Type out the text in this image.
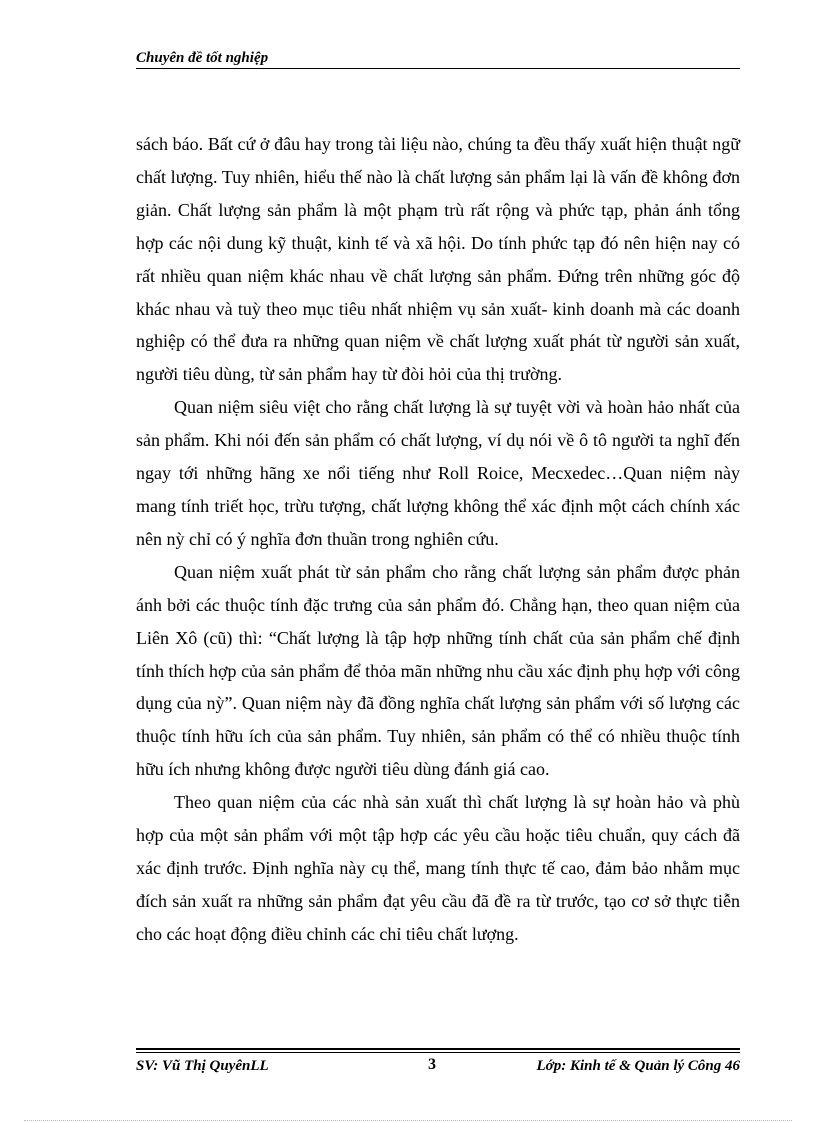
Chuyên đề tốt nghiệp

sách báo. Bất cứ ở đâu hay trong tài liệu nào, chúng ta đều thấy xuất hiện thuật ngữ chất lượng. Tuy nhiên, hiểu thế nào là chất lượng sản phẩm lại là vấn đề không đơn giản. Chất lượng sản phẩm là một phạm trù rất rộng và phức tạp, phản ánh tổng hợp các nội dung kỹ thuật, kinh tế và xã hội. Do tính phức tạp đó nên hiện nay có rất nhiều quan niệm khác nhau về chất lượng sản phẩm. Đứng trên những góc độ khác nhau và tuỳ theo mục tiêu nhất nhiệm vụ sản xuất- kinh doanh mà các doanh nghiệp có thể đưa ra những quan niệm về chất lượng xuất phát từ người sản xuất, người tiêu dùng, từ sản phẩm hay từ đòi hỏi của thị trường.

Quan niệm siêu việt cho rằng chất lượng là sự tuyệt vời và hoàn hảo nhất của sản phẩm. Khi nói đến sản phẩm có chất lượng, ví dụ nói về ô tô người ta nghĩ đến ngay tới những hãng xe nổi tiếng như Roll Roice, Mecxedec…Quan niệm này mang tính triết học, trừu tượng, chất lượng không thể xác định một cách chính xác nên nỳ chỉ có ý nghĩa đơn thuần trong nghiên cứu.

Quan niệm xuất phát từ sản phẩm cho rằng chất lượng sản phẩm được phản ánh bởi các thuộc tính đặc trưng của sản phẩm đó. Chẳng hạn, theo quan niệm của Liên Xô (cũ) thì: “Chất lượng là tập hợp những tính chất của sản phẩm chế định tính thích hợp của sản phẩm để thỏa mãn những nhu cầu xác định phụ hợp với công dụng của nỳ”. Quan niệm này đã đồng nghĩa chất lượng sản phẩm với số lượng các thuộc tính hữu ích của sản phẩm. Tuy nhiên, sản phẩm có thể có nhiều thuộc tính hữu ích nhưng không được người tiêu dùng đánh giá cao.

Theo quan niệm của các nhà sản xuất thì chất lượng là sự hoàn hảo và phù hợp của một sản phẩm với một tập hợp các yêu cầu hoặc tiêu chuẩn, quy cách đã xác định trước. Định nghĩa này cụ thể, mang tính thực tế cao, đảm bảo nhằm mục đích sản xuất ra những sản phẩm đạt yêu cầu đã đề ra từ trước, tạo cơ sở thực tiễn cho các hoạt động điều chỉnh các chỉ tiêu chất lượng.

SV: Vũ Thị QuyênLL	3	Lớp: Kinh tế & Quản lý Công 46
